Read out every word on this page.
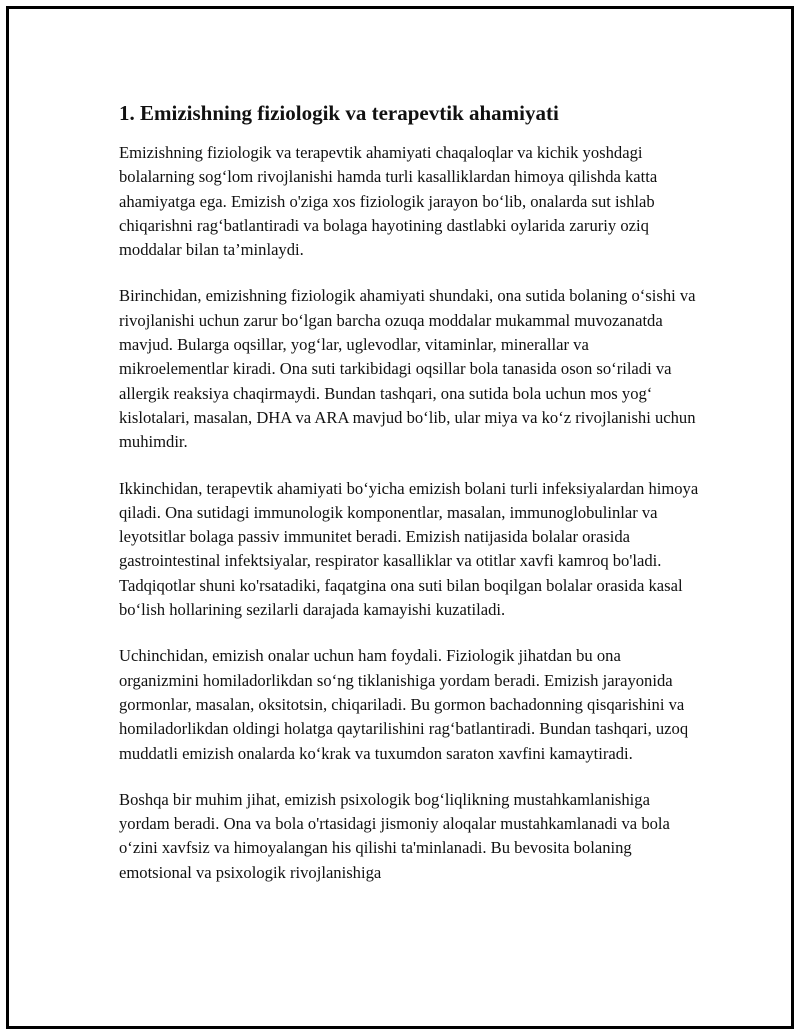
1. Emizishning fiziologik va terapevtik ahamiyati

Emizishning fiziologik va terapevtik ahamiyati chaqaloqlar va kichik yoshdagi bolalarning sog‘lom rivojlanishi hamda turli kasalliklardan himoya qilishda katta ahamiyatga ega. Emizish o'ziga xos fiziologik jarayon bo‘lib, onalarda sut ishlab chiqarishni rag‘batlantiradi va bolaga hayotining dastlabki oylarida zaruriy oziq moddalar bilan ta’minlaydi.

Birinchidan, emizishning fiziologik ahamiyati shundaki, ona sutida bolaning o‘sishi va rivojlanishi uchun zarur bo‘lgan barcha ozuqa moddalar mukammal muvozanatda mavjud. Bularga oqsillar, yog‘lar, uglevodlar, vitaminlar, minerallar va mikroelementlar kiradi. Ona suti tarkibidagi oqsillar bola tanasida oson so‘riladi va allergik reaksiya chaqirmaydi. Bundan tashqari, ona sutida bola uchun mos yog‘ kislotalari, masalan, DHA va ARA mavjud bo‘lib, ular miya va ko‘z rivojlanishi uchun muhimdir.

Ikkinchidan, terapevtik ahamiyati bo‘yicha emizish bolani turli infeksiyalardan himoya qiladi. Ona sutidagi immunologik komponentlar, masalan, immunoglobulinlar va leyotsitlar bolaga passiv immunitet beradi. Emizish natijasida bolalar orasida gastrointestinal infektsiyalar, respirator kasalliklar va otitlar xavfi kamroq bo'ladi. Tadqiqotlar shuni ko'rsatadiki, faqatgina ona suti bilan boqilgan bolalar orasida kasal bo‘lish hollarining sezilarli darajada kamayishi kuzatiladi.

Uchinchidan, emizish onalar uchun ham foydali. Fiziologik jihatdan bu ona organizmini homiladorlikdan so‘ng tiklanishiga yordam beradi. Emizish jarayonida gormonlar, masalan, oksitotsin, chiqariladi. Bu gormon bachadonning qisqarishini va homiladorlikdan oldingi holatga qaytarilishini rag‘batlantiradi. Bundan tashqari, uzoq muddatli emizish onalarda ko‘krak va tuxumdon saraton xavfini kamaytiradi.

Boshqa bir muhim jihat, emizish psixologik bog‘liqlikning mustahkamlanishiga yordam beradi. Ona va bola o'rtasidagi jismoniy aloqalar mustahkamlanadi va bola o‘zini xavfsiz va himoyalangan his qilishi ta'minlanadi. Bu bevosita bolaning emotsional va psixologik rivojlanishiga
